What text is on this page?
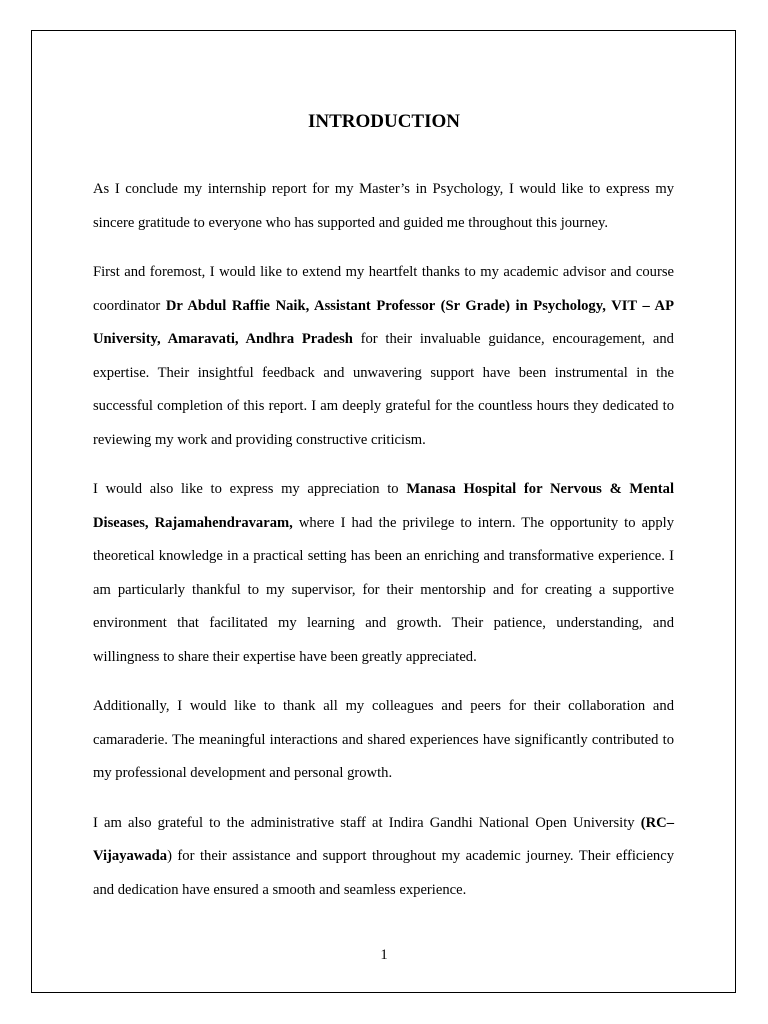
INTRODUCTION

As I conclude my internship report for my Master’s in Psychology, I would like to express my sincere gratitude to everyone who has supported and guided me throughout this journey.

First and foremost, I would like to extend my heartfelt thanks to my academic advisor and course coordinator Dr Abdul Raffie Naik, Assistant Professor (Sr Grade) in Psychology, VIT – AP University, Amaravati, Andhra Pradesh for their invaluable guidance, encouragement, and expertise. Their insightful feedback and unwavering support have been instrumental in the successful completion of this report. I am deeply grateful for the countless hours they dedicated to reviewing my work and providing constructive criticism.

I would also like to express my appreciation to Manasa Hospital for Nervous & Mental Diseases, Rajamahendravaram, where I had the privilege to intern. The opportunity to apply theoretical knowledge in a practical setting has been an enriching and transformative experience. I am particularly thankful to my supervisor, for their mentorship and for creating a supportive environment that facilitated my learning and growth. Their patience, understanding, and willingness to share their expertise have been greatly appreciated.

Additionally, I would like to thank all my colleagues and peers for their collaboration and camaraderie. The meaningful interactions and shared experiences have significantly contributed to my professional development and personal growth.

I am also grateful to the administrative staff at Indira Gandhi National Open University (RC–Vijayawada) for their assistance and support throughout my academic journey. Their efficiency and dedication have ensured a smooth and seamless experience.

1
